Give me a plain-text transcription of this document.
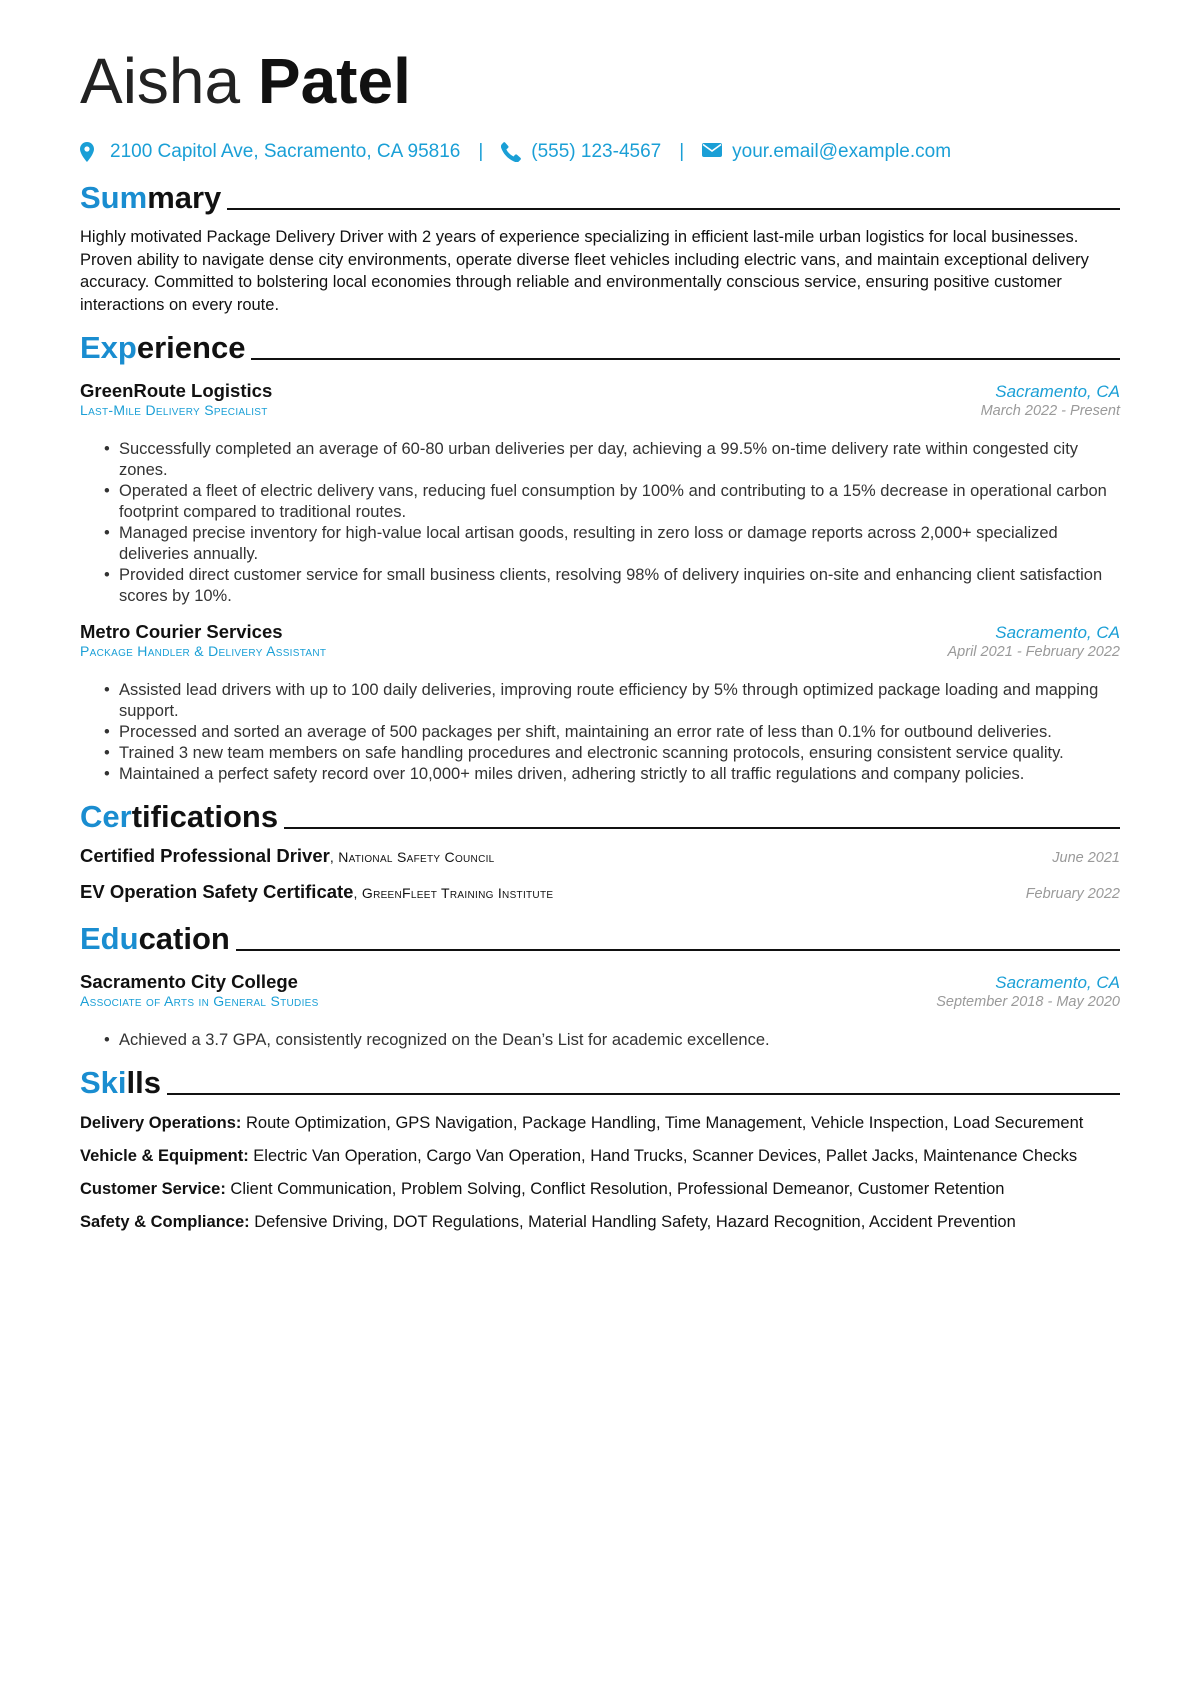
Aisha Patel
2100 Capitol Ave, Sacramento, CA 95816 |	(555) 123-4567 |	your.email@example.com
Summary
Highly motivated Package Delivery Driver with 2 years of experience specializing in efficient last-mile urban logistics for local businesses. Proven ability to navigate dense city environments, operate diverse fleet vehicles including electric vans, and maintain exceptional delivery accuracy. Committed to bolstering local economies through reliable and environmentally conscious service, ensuring positive customer interactions on every route.
Experience
GreenRoute Logistics	Sacramento, CA
Last-Mile Delivery Specialist	March 2022 - Present
• Successfully completed an average of 60-80 urban deliveries per day, achieving a 99.5% on-time delivery rate within congested city zones.
• Operated a fleet of electric delivery vans, reducing fuel consumption by 100% and contributing to a 15% decrease in operational carbon footprint compared to traditional routes.
• Managed precise inventory for high-value local artisan goods, resulting in zero loss or damage reports across 2,000+ specialized deliveries annually.
• Provided direct customer service for small business clients, resolving 98% of delivery inquiries on-site and enhancing client satisfaction scores by 10%.
Metro Courier Services	Sacramento, CA
Package Handler & Delivery Assistant	April 2021 - February 2022
• Assisted lead drivers with up to 100 daily deliveries, improving route efficiency by 5% through optimized package loading and mapping support.
• Processed and sorted an average of 500 packages per shift, maintaining an error rate of less than 0.1% for outbound deliveries.
• Trained 3 new team members on safe handling procedures and electronic scanning protocols, ensuring consistent service quality.
• Maintained a perfect safety record over 10,000+ miles driven, adhering strictly to all traffic regulations and company policies.
Certifications
Certified Professional Driver, National Safety Council	June 2021
EV Operation Safety Certificate, GreenFleet Training Institute	February 2022
Education
Sacramento City College	Sacramento, CA
Associate of Arts in General Studies	September 2018 - May 2020
• Achieved a 3.7 GPA, consistently recognized on the Dean’s List for academic excellence.
Skills
Delivery Operations: Route Optimization, GPS Navigation, Package Handling, Time Management, Vehicle Inspection, Load Securement
Vehicle & Equipment: Electric Van Operation, Cargo Van Operation, Hand Trucks, Scanner Devices, Pallet Jacks, Maintenance Checks
Customer Service: Client Communication, Problem Solving, Conflict Resolution, Professional Demeanor, Customer Retention
Safety & Compliance: Defensive Driving, DOT Regulations, Material Handling Safety, Hazard Recognition, Accident Prevention
